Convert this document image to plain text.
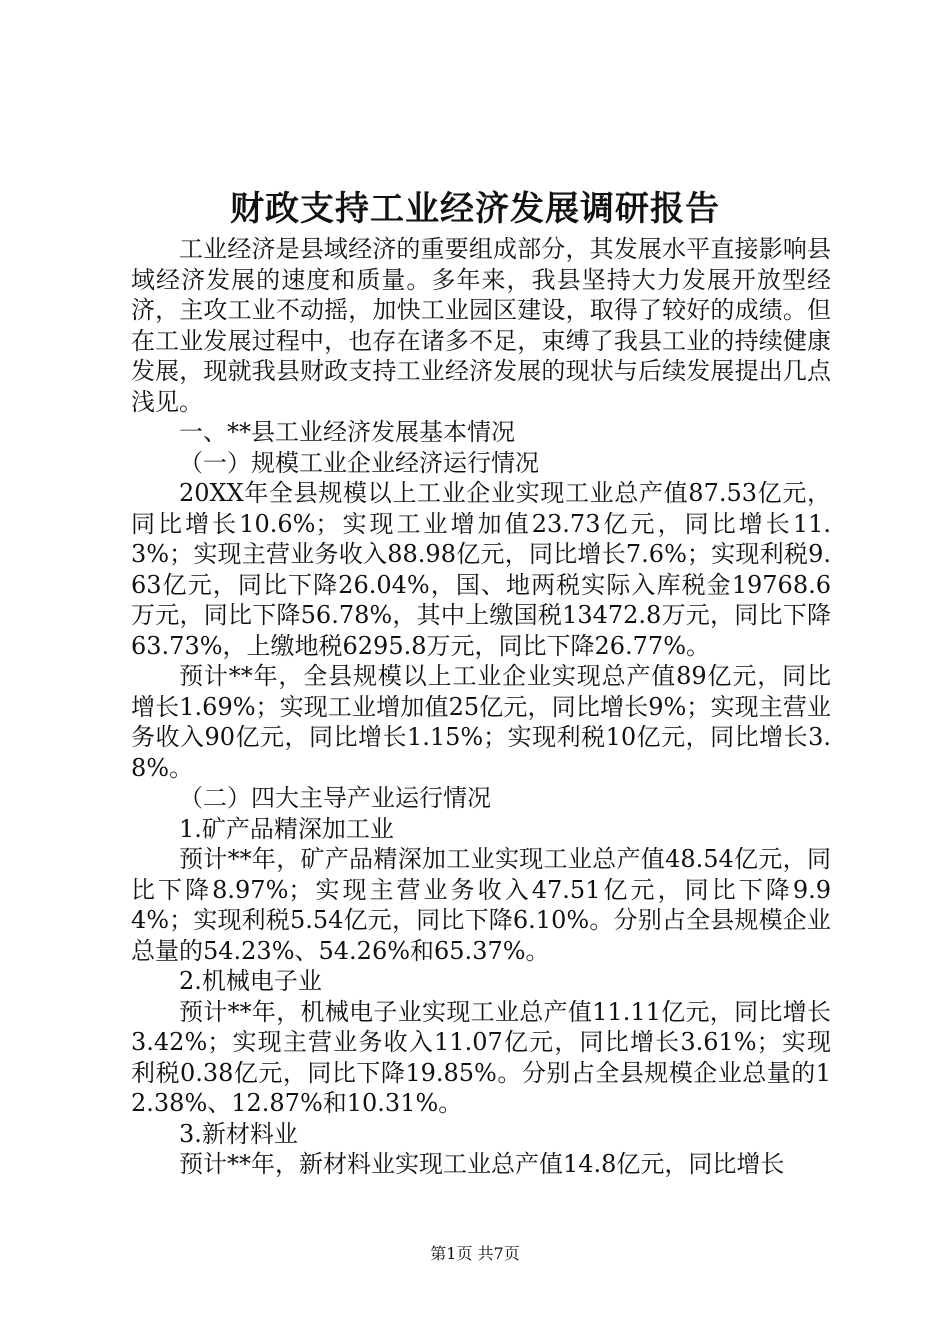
财政支持工业经济发展调研报告

工业经济是县域经济的重要组成部分，其发展水平直接影响县域经济发展的速度和质量。多年来，我县坚持大力发展开放型经济，主攻工业不动摇，加快工业园区建设，取得了较好的成绩。但在工业发展过程中，也存在诸多不足，束缚了我县工业的持续健康发展，现就我县财政支持工业经济发展的现状与后续发展提出几点浅见。

一、**县工业经济发展基本情况

（一）规模工业企业经济运行情况

20XX年全县规模以上工业企业实现工业总产值87.53亿元，同比增长10.6%；实现工业增加值23.73亿元，同比增长11.3%；实现主营业务收入88.98亿元，同比增长7.6%；实现利税9.63亿元，同比下降26.04%，国、地两税实际入库税金19768.6万元，同比下降56.78%，其中上缴国税13472.8万元，同比下降63.73%，上缴地税6295.8万元，同比下降26.77%。

预计**年，全县规模以上工业企业实现总产值89亿元，同比增长1.69%；实现工业增加值25亿元，同比增长9%；实现主营业务收入90亿元，同比增长1.15%；实现利税10亿元，同比增长3.8%。

（二）四大主导产业运行情况

1.矿产品精深加工业

预计**年，矿产品精深加工业实现工业总产值48.54亿元，同比下降8.97%；实现主营业务收入47.51亿元，同比下降9.94%；实现利税5.54亿元，同比下降6.10%。分别占全县规模企业总量的54.23%、54.26%和65.37%。

2.机械电子业

预计**年，机械电子业实现工业总产值11.11亿元，同比增长3.42%；实现主营业务收入11.07亿元，同比增长3.61%；实现利税0.38亿元，同比下降19.85%。分别占全县规模企业总量的12.38%、12.87%和10.31%。

3.新材料业

预计**年，新材料业实现工业总产值14.8亿元，同比增长

第1页 共7页
